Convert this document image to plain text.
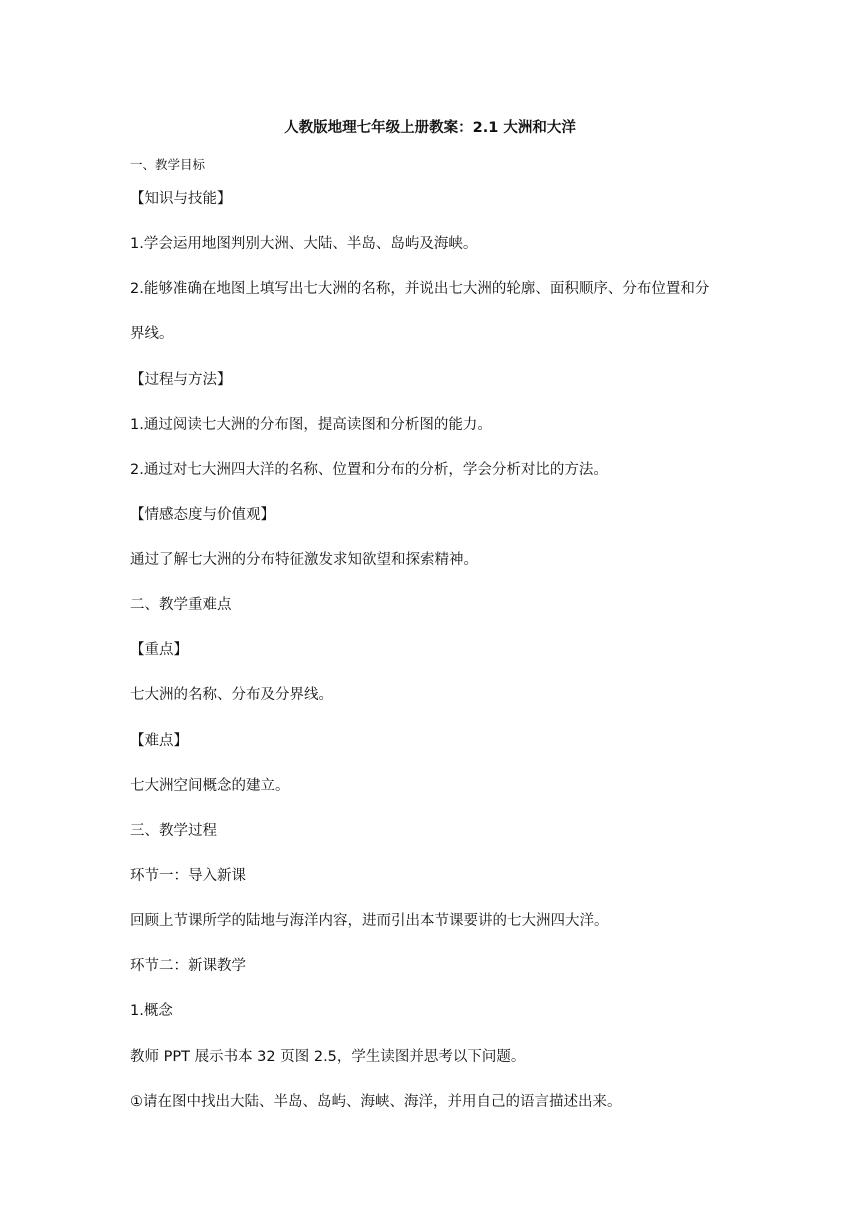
人教版地理七年级上册教案：2.1 大洲和大洋
一、教学目标
【知识与技能】
1.学会运用地图判别大洲、大陆、半岛、岛屿及海峡。
2.能够准确在地图上填写出七大洲的名称，并说出七大洲的轮廓、面积顺序、分布位置和分
界线。
【过程与方法】
1.通过阅读七大洲的分布图，提高读图和分析图的能力。
2.通过对七大洲四大洋的名称、位置和分布的分析，学会分析对比的方法。
【情感态度与价值观】
通过了解七大洲的分布特征激发求知欲望和探索精神。
二、教学重难点
【重点】
七大洲的名称、分布及分界线。
【难点】
七大洲空间概念的建立。
三、教学过程
环节一：导入新课
回顾上节课所学的陆地与海洋内容，进而引出本节课要讲的七大洲四大洋。
环节二：新课教学
1.概念
教师 PPT 展示书本 32 页图 2.5，学生读图并思考以下问题。
①请在图中找出大陆、半岛、岛屿、海峡、海洋，并用自己的语言描述出来。
